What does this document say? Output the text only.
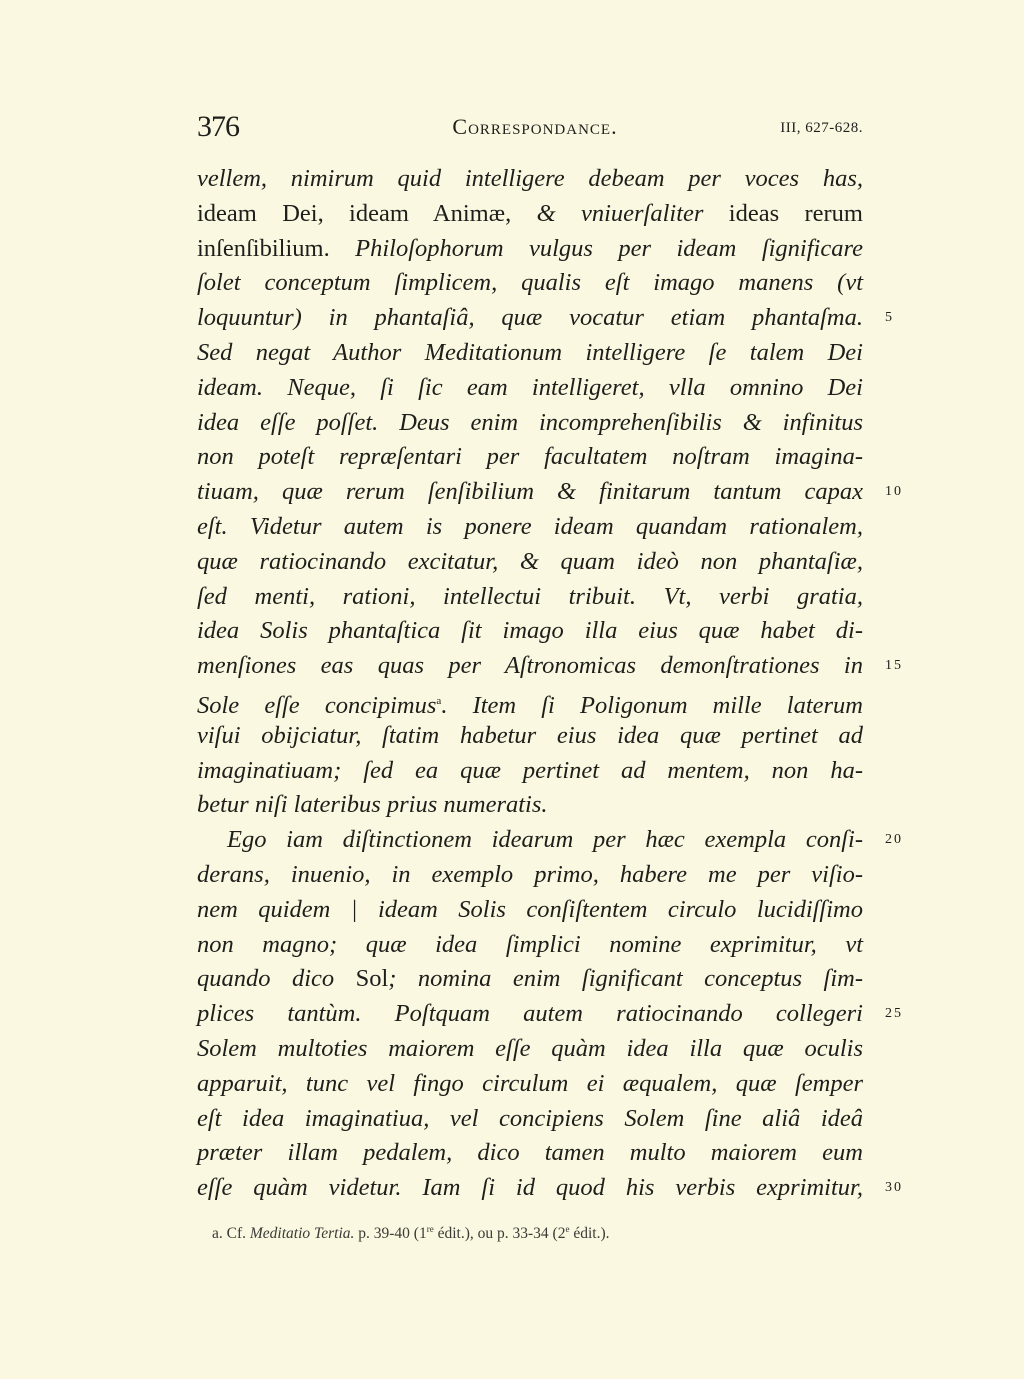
376	Correspondance.	III, 627-628.
vellem, nimirum quid intelligere debeam per voces has,
ideam Dei, ideam Animæ, & vniuerſaliter ideas rerum
inſenſibilium. Philoſophorum vulgus per ideam ſignificare
ſolet conceptum ſimplicem, qualis eſt imago manens (vt
loquuntur) in phantaſiâ, quæ vocatur etiam phantaſma. 5
Sed negat Author Meditationum intelligere ſe talem Dei
ideam. Neque, ſi ſic eam intelligeret, vlla omnino Dei
idea eſſe poſſet. Deus enim incomprehenſibilis & infinitus
non poteſt repræſentari per facultatem noſtram imagina-
tiuam, quæ rerum ſenſibilium & finitarum tantum capax 10
eſt. Videtur autem is ponere ideam quandam rationalem,
quæ ratiocinando excitatur, & quam ideò non phantaſiæ,
ſed menti, rationi, intellectui tribuit. Vt, verbi gratia,
idea Solis phantaſtica ſit imago illa eius quæ habet di-
menſiones eas quas per Aſtronomicas demonſtrationes in 15
Sole eſſe concipimus$^a$. Item ſi Poligonum mille laterum
viſui obijciatur, ſtatim habetur eius idea quæ pertinet ad
imaginatiuam; ſed ea quæ pertinet ad mentem, non ha-
betur niſi lateribus prius numeratis.
Ego iam diſtinctionem idearum per hæc exempla conſi- 20
derans, inuenio, in exemplo primo, habere me per viſio-
nem quidem | ideam Solis conſiſtentem circulo lucidiſſimo
non magno; quæ idea ſimplici nomine exprimitur, vt
quando dico Sol; nomina enim ſignificant conceptus ſim-
plices tantùm. Poſtquam autem ratiocinando collegeri 25
Solem multoties maiorem eſſe quàm idea illa quæ oculis
apparuit, tunc vel fingo circulum ei æqualem, quæ ſemper
eſt idea imaginatiua, vel concipiens Solem ſine aliâ ideâ
præter illam pedalem, dico tamen multo maiorem eum
eſſe quàm videtur. Iam ſi id quod his verbis exprimitur, 30
a. Cf. Meditatio Tertia. p. 39-40 (1re édit.), ou p. 33-34 (2e édit.).
